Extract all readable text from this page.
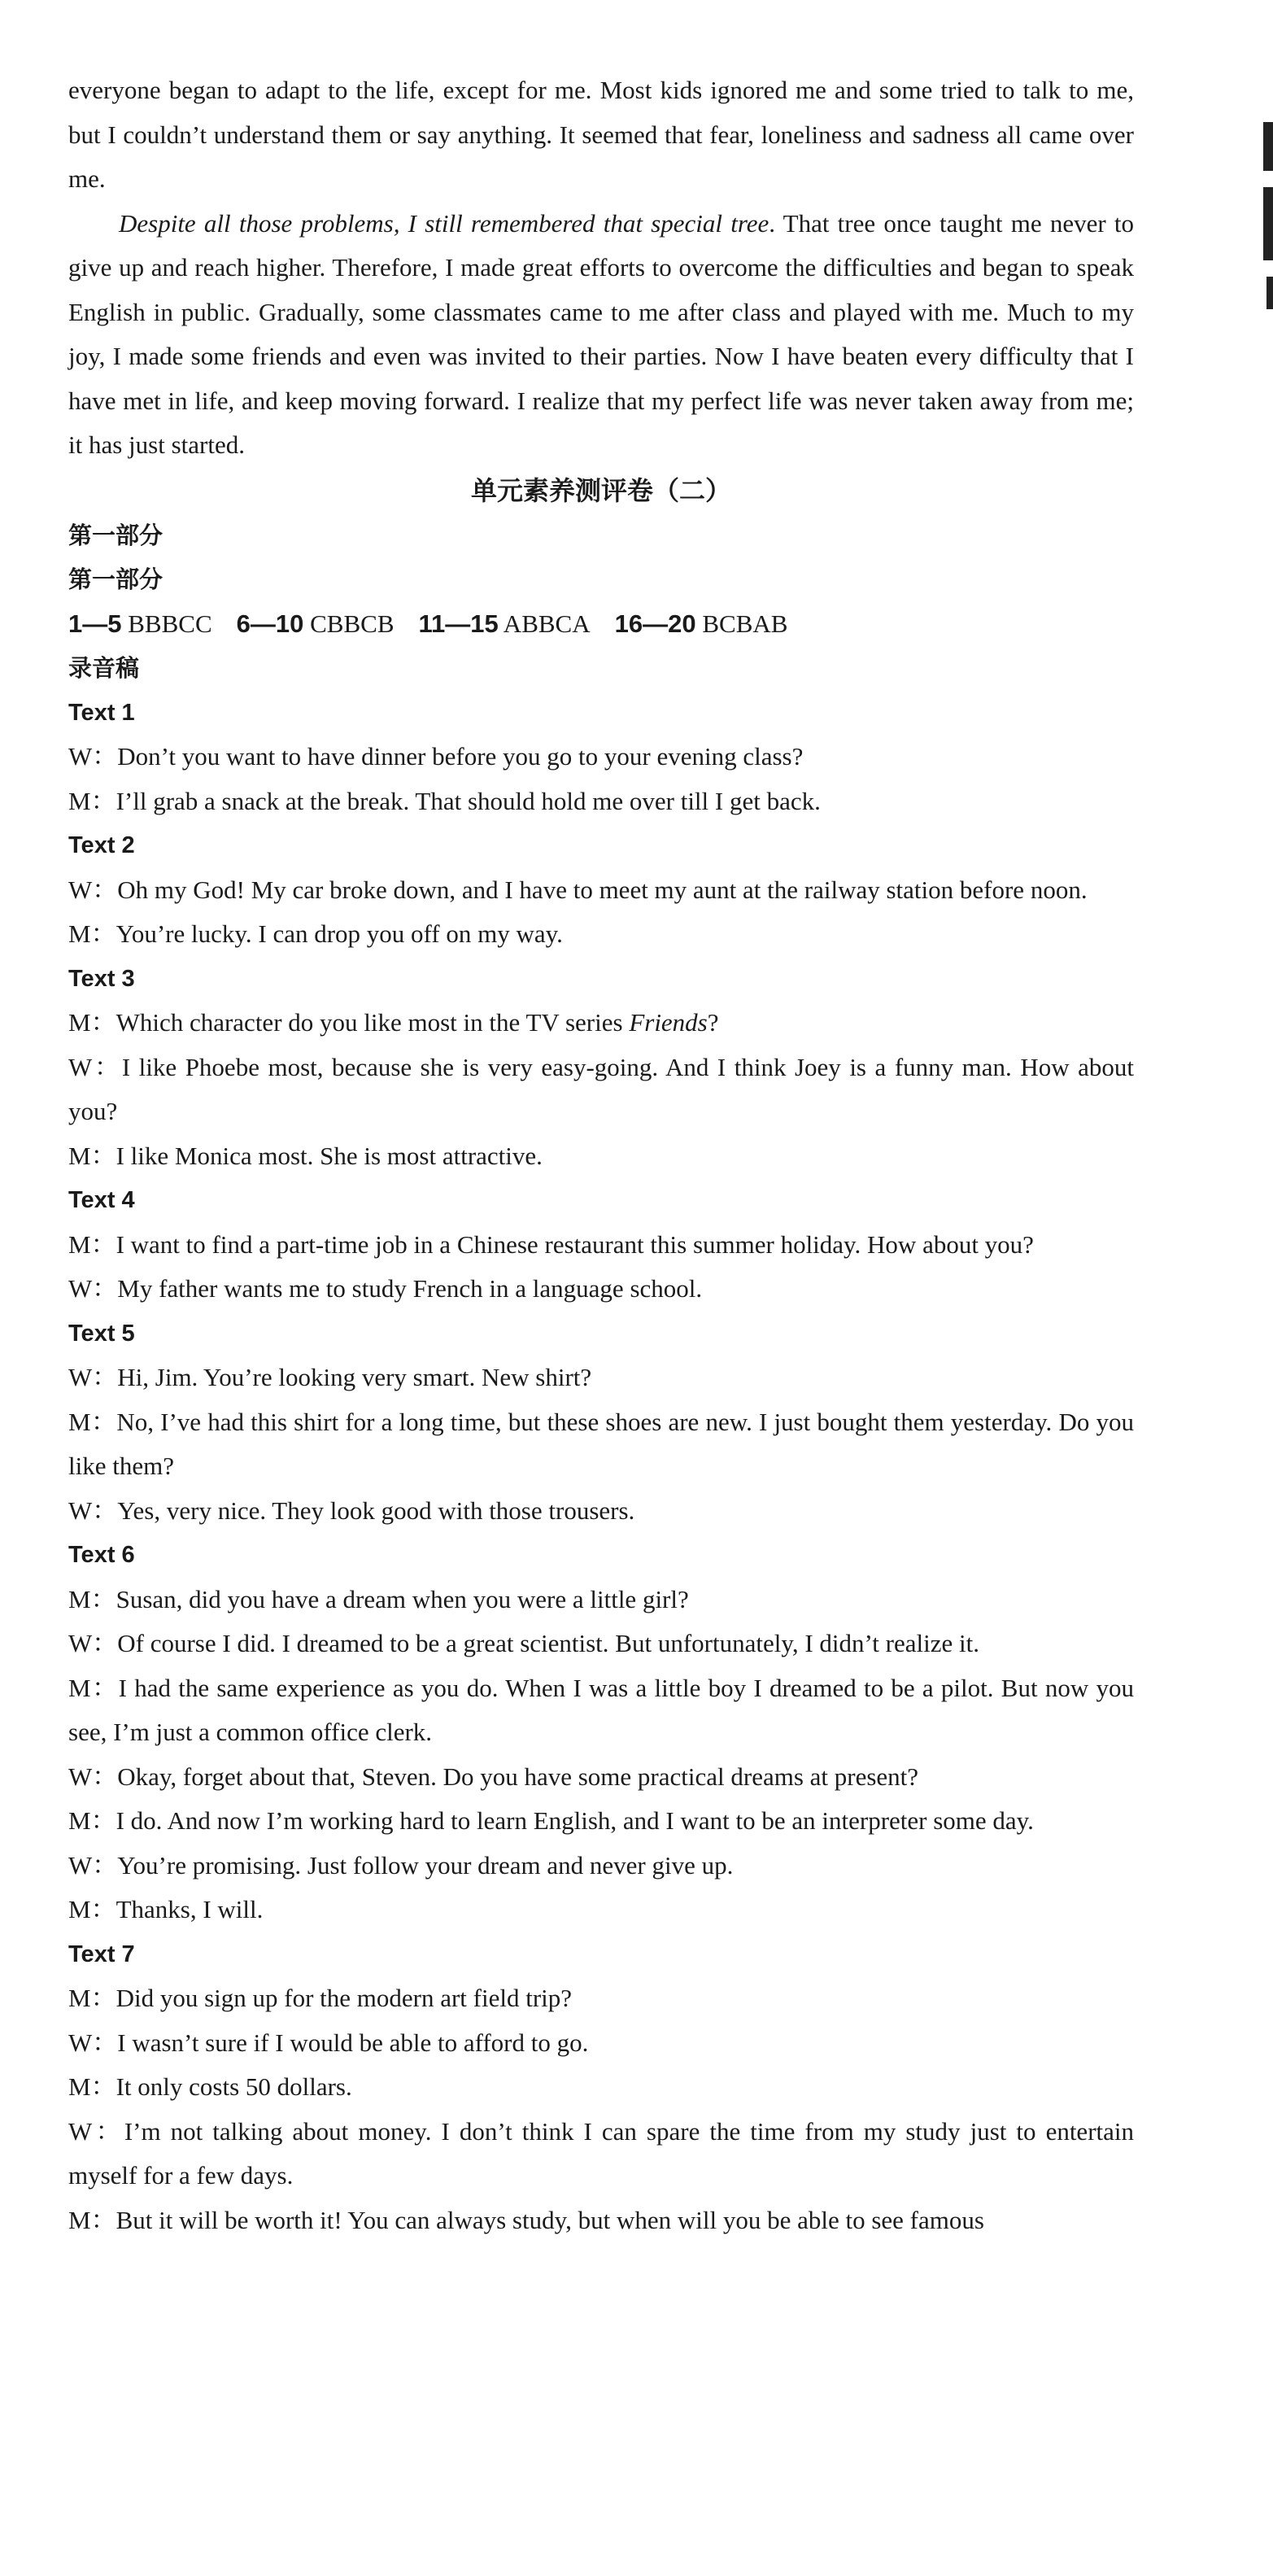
everyone began to adapt to the life, except for me. Most kids ignored me and some tried to talk to me, but I couldn’t understand them or say anything. It seemed that fear, loneliness and sadness all came over me.

Despite all those problems, I still remembered that special tree. That tree once taught me never to give up and reach higher. Therefore, I made great efforts to overcome the difficulties and began to speak English in public. Gradually, some classmates came to me after class and played with me. Much to my joy, I made some friends and even was invited to their parties. Now I have beaten every difficulty that I have met in life, and keep moving forward. I realize that my perfect life was never taken away from me; it has just started.

单元素养测评卷（二）

第一部分

第一部分

1—5 BBBCC 6—10 CBBCB 11—15 ABBCA 16—20 BCBAB

录音稿

Text 1

W：Don’t you want to have dinner before you go to your evening class?

M：I’ll grab a snack at the break. That should hold me over till I get back.

Text 2

W：Oh my God! My car broke down, and I have to meet my aunt at the railway station before noon.

M：You’re lucky. I can drop you off on my way.

Text 3

M：Which character do you like most in the TV series Friends?

W：I like Phoebe most, because she is very easy-going. And I think Joey is a funny man. How about you?

M：I like Monica most. She is most attractive.

Text 4

M：I want to find a part-time job in a Chinese restaurant this summer holiday. How about you?

W：My father wants me to study French in a language school.

Text 5

W：Hi, Jim. You’re looking very smart. New shirt?

M：No, I’ve had this shirt for a long time, but these shoes are new. I just bought them yesterday. Do you like them?

W：Yes, very nice. They look good with those trousers.

Text 6

M：Susan, did you have a dream when you were a little girl?

W：Of course I did. I dreamed to be a great scientist. But unfortunately, I didn’t realize it.

M：I had the same experience as you do. When I was a little boy I dreamed to be a pilot. But now you see, I’m just a common office clerk.

W：Okay, forget about that, Steven. Do you have some practical dreams at present?

M：I do. And now I’m working hard to learn English, and I want to be an interpreter some day.

W：You’re promising. Just follow your dream and never give up.

M：Thanks, I will.

Text 7

M：Did you sign up for the modern art field trip?

W：I wasn’t sure if I would be able to afford to go.

M：It only costs 50 dollars.

W：I’m not talking about money. I don’t think I can spare the time from my study just to entertain myself for a few days.

M：But it will be worth it! You can always study, but when will you be able to see famous
